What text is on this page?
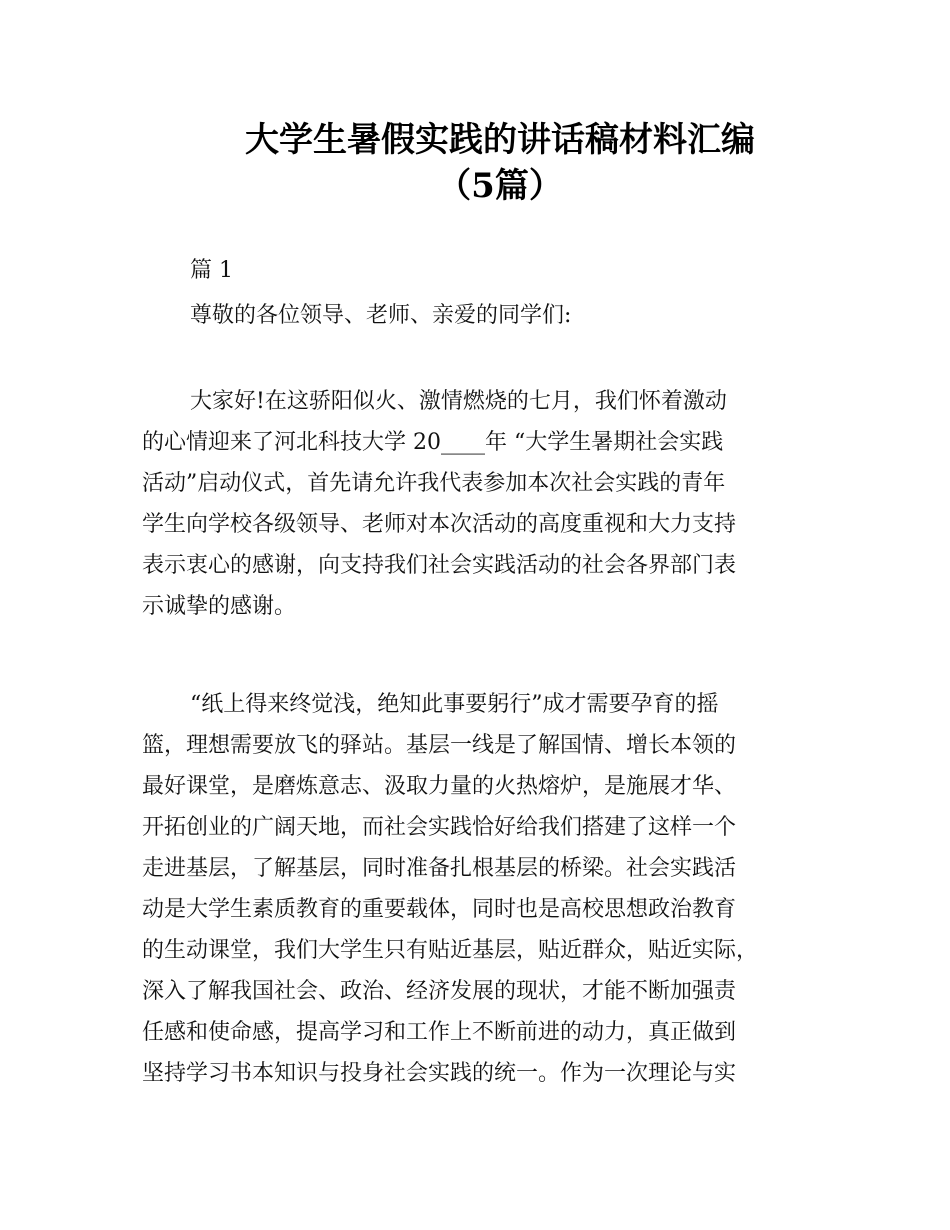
大学生暑假实践的讲话稿材料汇编
（5篇）
篇 1
尊敬的各位领导、老师、亲爱的同学们:
大家好!在这骄阳似火、激情燃烧的七月，我们怀着激动
的心情迎来了河北科技大学 20____年 “大学生暑期社会实践
活动”启动仪式，首先请允许我代表参加本次社会实践的青年
学生向学校各级领导、老师对本次活动的高度重视和大力支持
表示衷心的感谢，向支持我们社会实践活动的社会各界部门表
示诚挚的感谢。
“纸上得来终觉浅，绝知此事要躬行”成才需要孕育的摇
篮，理想需要放飞的驿站。基层一线是了解国情、增长本领的
最好课堂，是磨炼意志、汲取力量的火热熔炉，是施展才华、
开拓创业的广阔天地，而社会实践恰好给我们搭建了这样一个
走进基层，了解基层，同时准备扎根基层的桥梁。社会实践活
动是大学生素质教育的重要载体，同时也是高校思想政治教育
的生动课堂，我们大学生只有贴近基层，贴近群众，贴近实际，
深入了解我国社会、政治、经济发展的现状，才能不断加强责
任感和使命感，提高学习和工作上不断前进的动力，真正做到
坚持学习书本知识与投身社会实践的统一。作为一次理论与实
